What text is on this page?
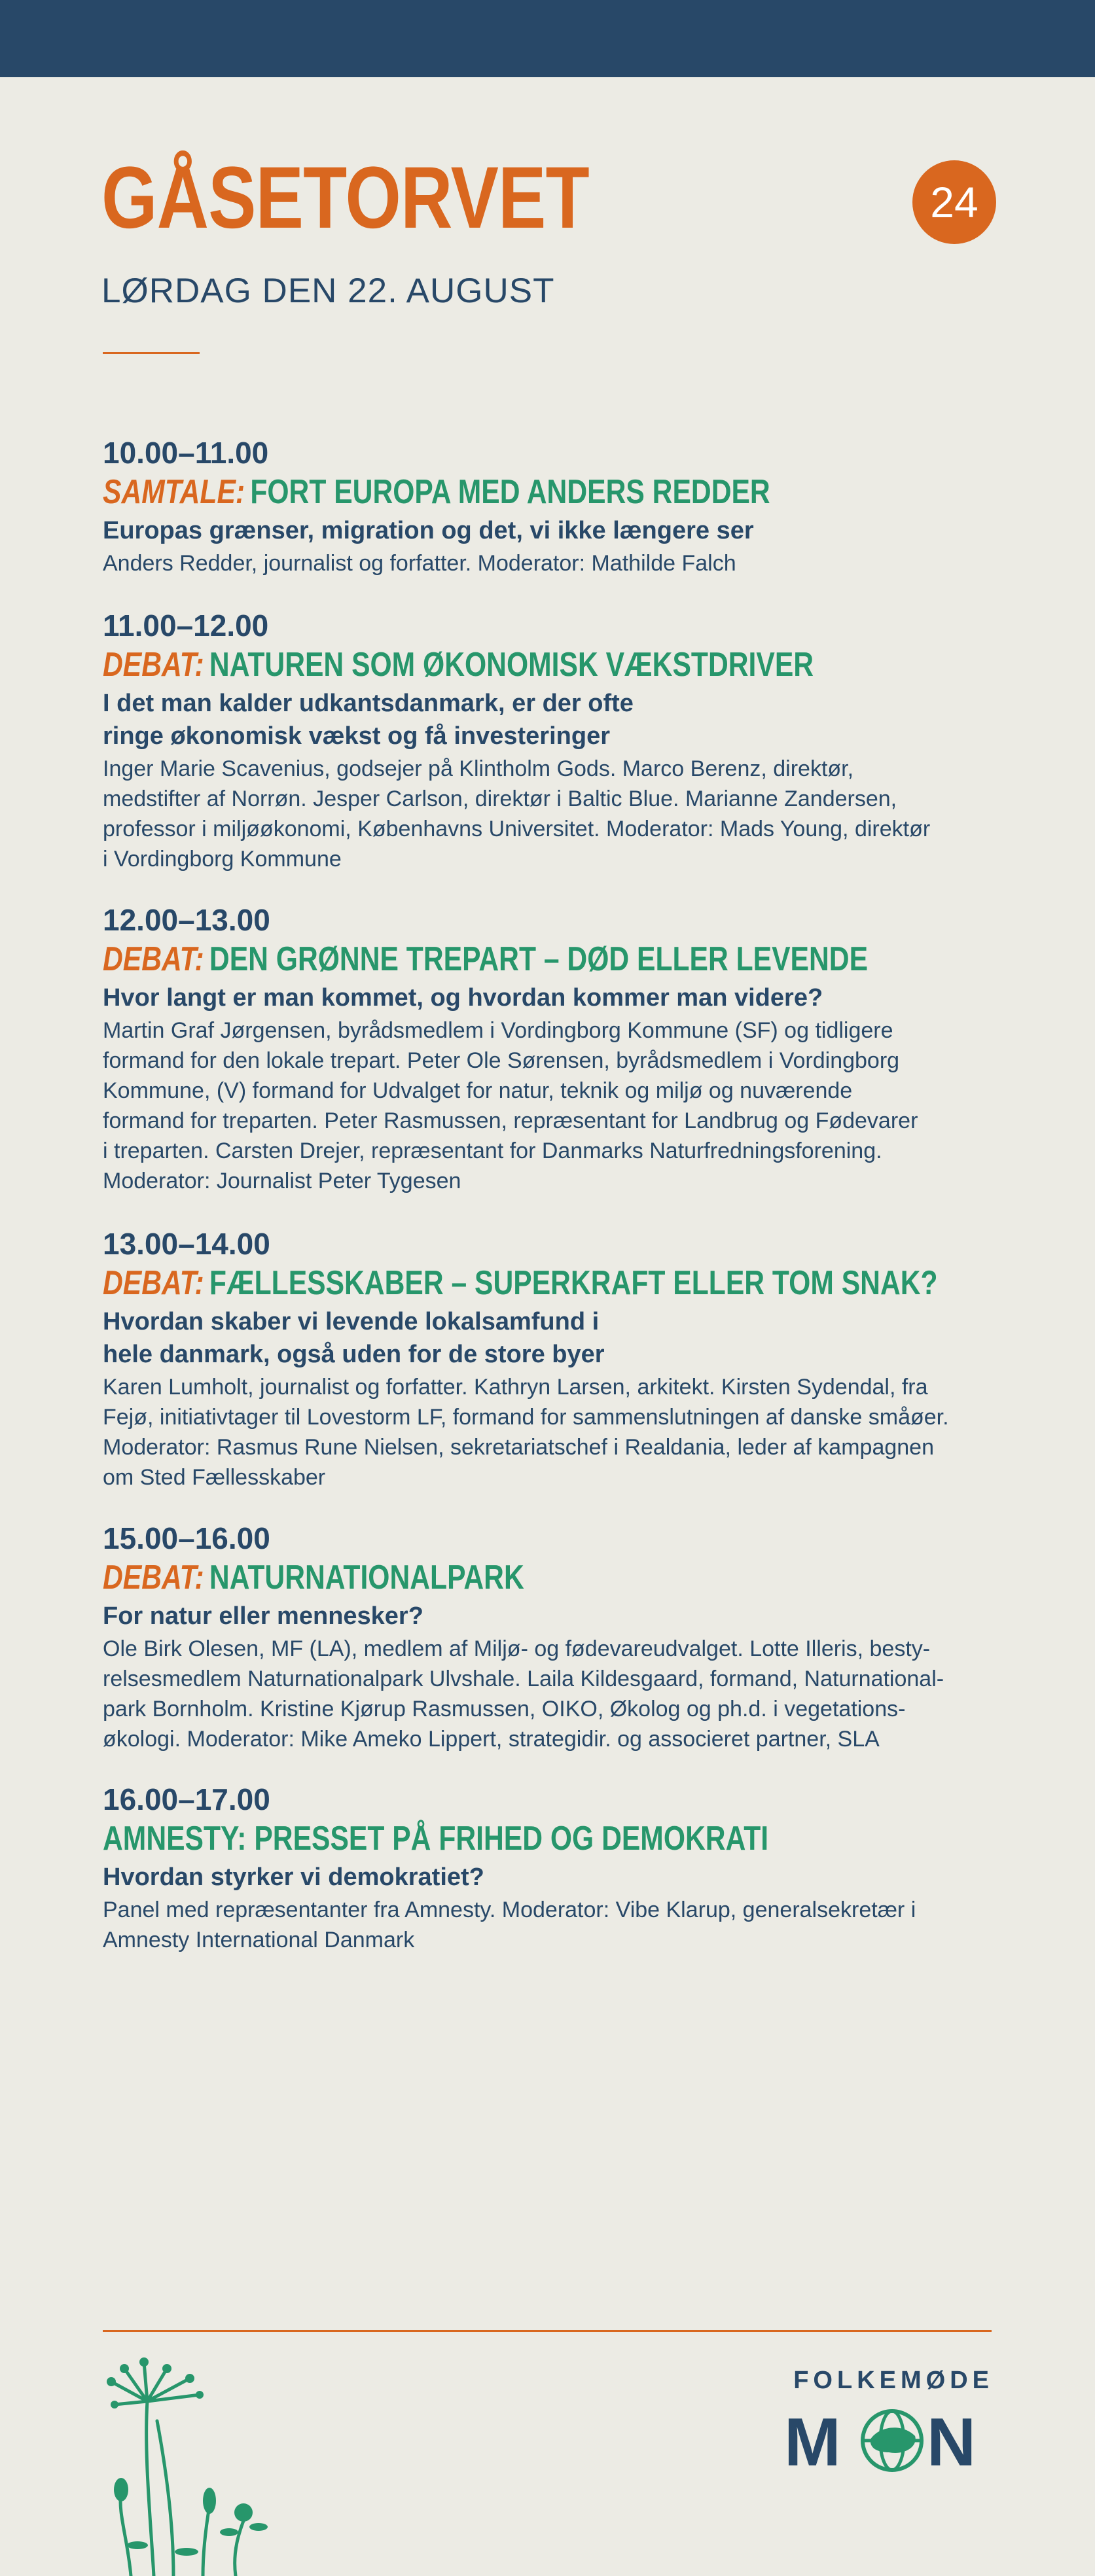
GÅSETORVET	24
LØRDAG DEN 22. AUGUST
10.00–11.00
SAMTALE: FORT EUROPA MED ANDERS REDDER
Europas grænser, migration og det, vi ikke længere ser
Anders Redder, journalist og forfatter. Moderator: Mathilde Falch
11.00–12.00
DEBAT: NATUREN SOM ØKONOMISK VÆKSTDRIVER
I det man kalder udkantsdanmark, er der ofte
ringe økonomisk vækst og få investeringer
Inger Marie Scavenius, godsejer på Klintholm Gods. Marco Berenz, direktør,
medstifter af Norrøn. Jesper Carlson, direktør i Baltic Blue. Marianne Zandersen,
professor i miljøøkonomi, Københavns Universitet. Moderator: Mads Young, direktør
i Vordingborg Kommune
12.00–13.00
DEBAT: DEN GRØNNE TREPART – DØD ELLER LEVENDE
Hvor langt er man kommet, og hvordan kommer man videre?
Martin Graf Jørgensen, byrådsmedlem i Vordingborg Kommune (SF) og tidligere
formand for den lokale trepart. Peter Ole Sørensen, byrådsmedlem i Vordingborg
Kommune, (V) formand for Udvalget for natur, teknik og miljø og nuværende
formand for treparten. Peter Rasmussen, repræsentant for Landbrug og Fødevarer
i treparten. Carsten Drejer, repræsentant for Danmarks Naturfredningsforening.
Moderator: Journalist Peter Tygesen
13.00–14.00
DEBAT: FÆLLESSKABER – SUPERKRAFT ELLER TOM SNAK?
Hvordan skaber vi levende lokalsamfund i
hele danmark, også uden for de store byer
Karen Lumholt, journalist og forfatter. Kathryn Larsen, arkitekt. Kirsten Sydendal, fra
Fejø, initiativtager til Lovestorm LF, formand for sammenslutningen af danske småøer.
Moderator: Rasmus Rune Nielsen, sekretariatschef i Realdania, leder af kampagnen
om Sted Fællesskaber
15.00–16.00
DEBAT: NATURNATIONALPARK
For natur eller mennesker?
Ole Birk Olesen, MF (LA), medlem af Miljø- og fødevareudvalget. Lotte Illeris, besty-
relsesmedlem Naturnationalpark Ulvshale. Laila Kildesgaard, formand, Naturnational-
park Bornholm. Kristine Kjørup Rasmussen, OIKO, Økolog og ph.d. i vegetations-
økologi. Moderator: Mike Ameko Lippert, strategidir. og associeret partner, SLA
16.00–17.00
AMNESTY: PRESSET PÅ FRIHED OG DEMOKRATI
Hvordan styrker vi demokratiet?
Panel med repræsentanter fra Amnesty. Moderator: Vibe Klarup, generalsekretær i
Amnesty International Danmark
FOLKEMØDE
M N
